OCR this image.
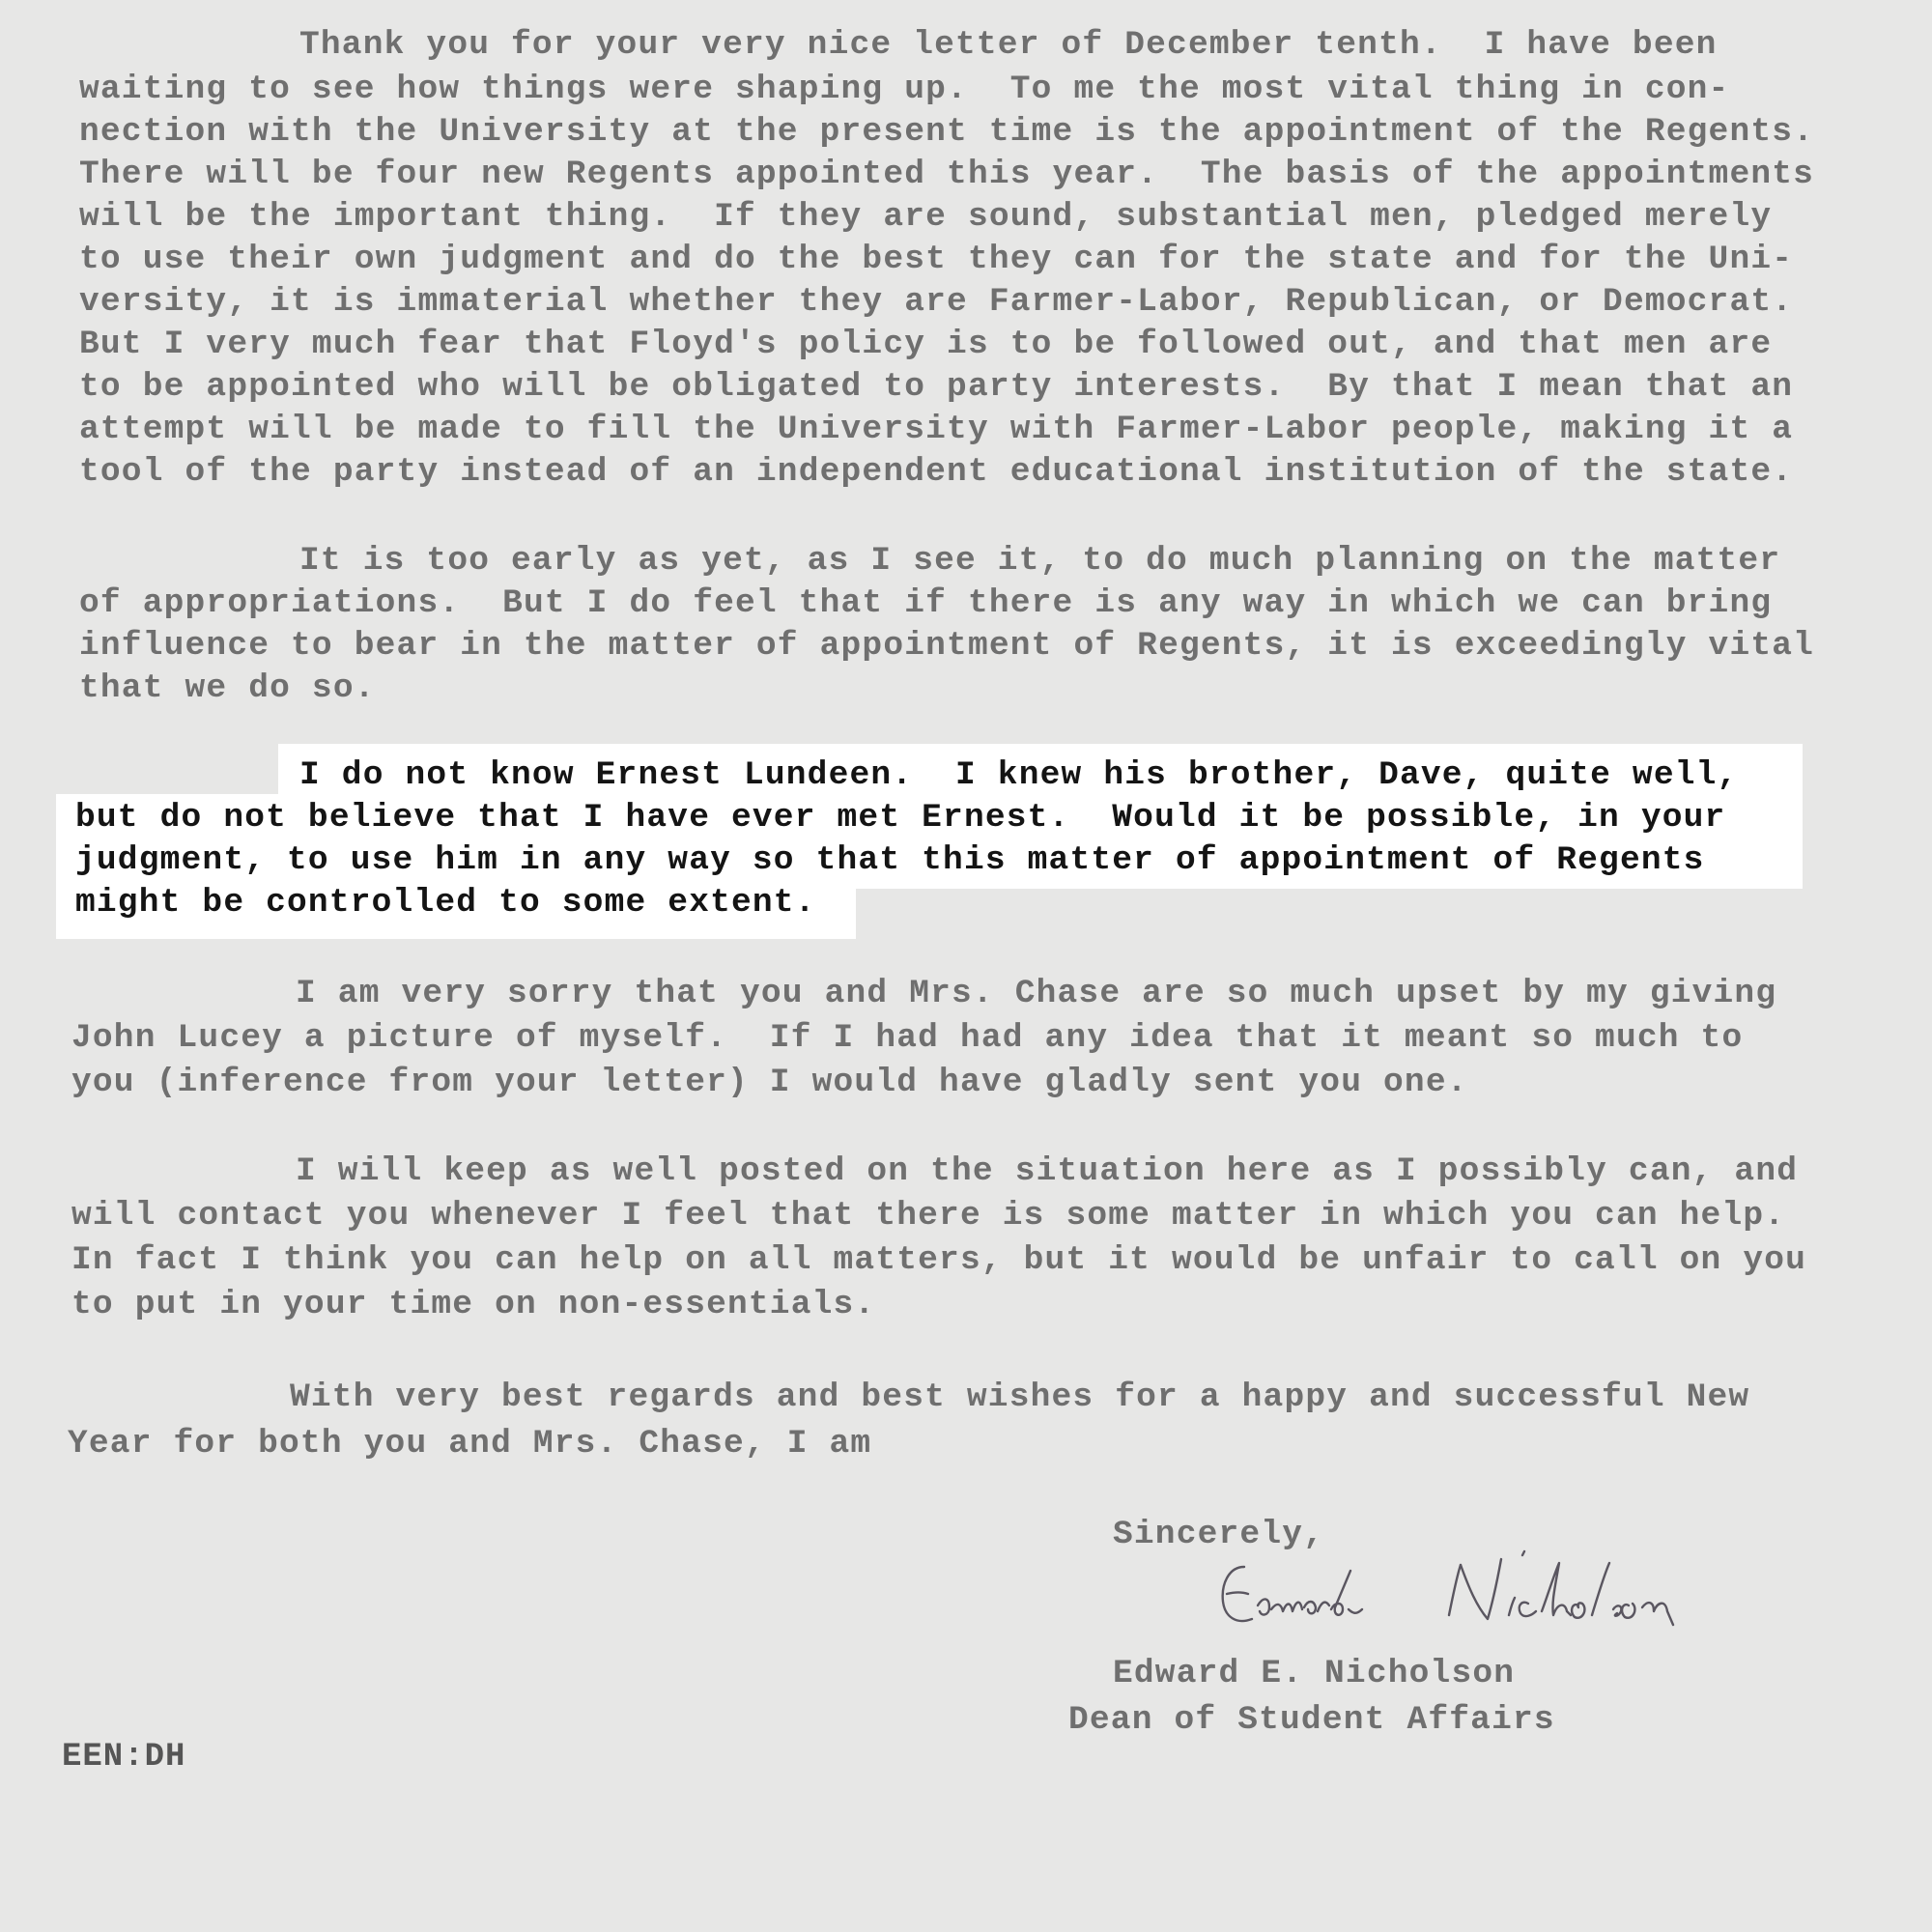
Thank you for your very nice letter of December tenth.  I have been
waiting to see how things were shaping up.  To me the most vital thing in con-
nection with the University at the present time is the appointment of the Regents.
There will be four new Regents appointed this year.  The basis of the appointments
will be the important thing.  If they are sound, substantial men, pledged merely
to use their own judgment and do the best they can for the state and for the Uni-
versity, it is immaterial whether they are Farmer-Labor, Republican, or Democrat.
But I very much fear that Floyd's policy is to be followed out, and that men are
to be appointed who will be obligated to party interests.  By that I mean that an
attempt will be made to fill the University with Farmer-Labor people, making it a
tool of the party instead of an independent educational institution of the state.
It is too early as yet, as I see it, to do much planning on the matter
of appropriations.  But I do feel that if there is any way in which we can bring
influence to bear in the matter of appointment of Regents, it is exceedingly vital
that we do so.
I do not know Ernest Lundeen.  I knew his brother, Dave, quite well,
but do not believe that I have ever met Ernest.  Would it be possible, in your
judgment, to use him in any way so that this matter of appointment of Regents
might be controlled to some extent.
I am very sorry that you and Mrs. Chase are so much upset by my giving
John Lucey a picture of myself.  If I had had any idea that it meant so much to
you (inference from your letter) I would have gladly sent you one.
I will keep as well posted on the situation here as I possibly can, and
will contact you whenever I feel that there is some matter in which you can help.
In fact I think you can help on all matters, but it would be unfair to call on you
to put in your time on non-essentials.
With very best regards and best wishes for a happy and successful New
Year for both you and Mrs. Chase, I am
Sincerely,
Edward E. Nicholson
Dean of Student Affairs
EEN:DH
